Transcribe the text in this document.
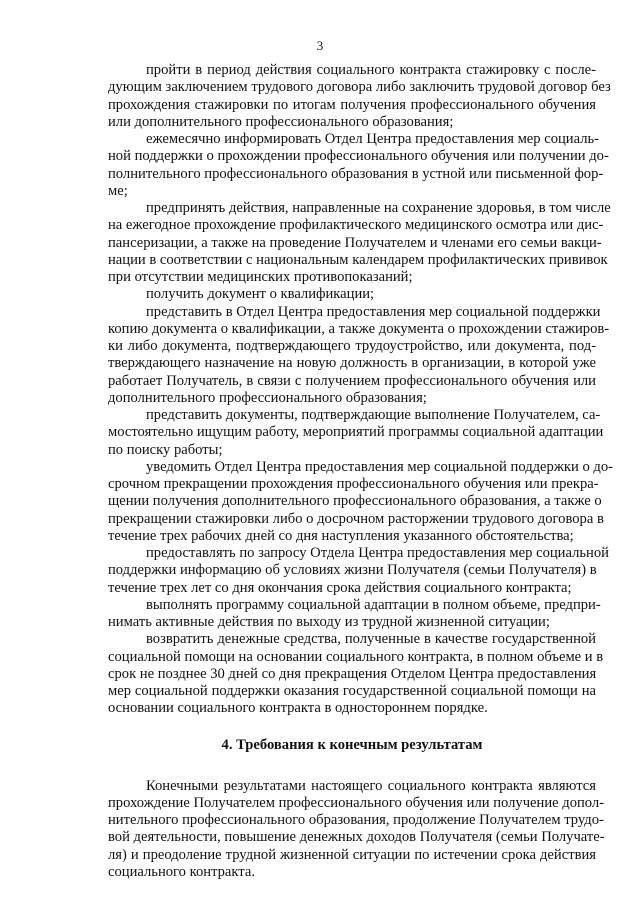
3
пройти в период действия социального контракта стажировку с после-
дующим заключением трудового договора либо заключить трудовой договор без
прохождения стажировки по итогам получения профессионального обучения
или дополнительного профессионального образования;
ежемесячно информировать Отдел Центра предоставления мер социаль-
ной поддержки о прохождении профессионального обучения или получении до-
полнительного профессионального образования в устной или письменной фор-
ме;
предпринять действия, направленные на сохранение здоровья, в том числе
на ежегодное прохождение профилактического медицинского осмотра или дис-
пансеризации, а также на проведение Получателем и членами его семьи вакци-
нации в соответствии с национальным календарем профилактических прививок
при отсутствии медицинских противопоказаний;
получить документ о квалификации;
представить в Отдел Центра предоставления мер социальной поддержки
копию документа о квалификации, а также документа о прохождении стажиров-
ки либо документа, подтверждающего трудоустройство, или документа, под-
тверждающего назначение на новую должность в организации, в которой уже
работает Получатель, в связи с получением профессионального обучения или
дополнительного профессионального образования;
представить документы, подтверждающие выполнение Получателем, са-
мостоятельно ищущим работу, мероприятий программы социальной адаптации
по поиску работы;
уведомить Отдел Центра предоставления мер социальной поддержки о до-
срочном прекращении прохождения профессионального обучения или прекра-
щении получения дополнительного профессионального образования, а также о
прекращении стажировки либо о досрочном расторжении трудового договора в
течение трех рабочих дней со дня наступления указанного обстоятельства;
предоставлять по запросу Отдела Центра предоставления мер социальной
поддержки информацию об условиях жизни Получателя (семьи Получателя) в
течение трех лет со дня окончания срока действия социального контракта;
выполнять программу социальной адаптации в полном объеме, предпри-
нимать активные действия по выходу из трудной жизненной ситуации;
возвратить денежные средства, полученные в качестве государственной
социальной помощи на основании социального контракта, в полном объеме и в
срок не позднее 30 дней со дня прекращения Отделом Центра предоставления
мер социальной поддержки оказания государственной социальной помощи на
основании социального контракта в одностороннем порядке.
4. Требования к конечным результатам
Конечными результатами настоящего социального контракта являются
прохождение Получателем профессионального обучения или получение допол-
нительного профессионального образования, продолжение Получателем трудо-
вой деятельности, повышение денежных доходов Получателя (семьи Получате-
ля) и преодоление трудной жизненной ситуации по истечении срока действия
социального контракта.
